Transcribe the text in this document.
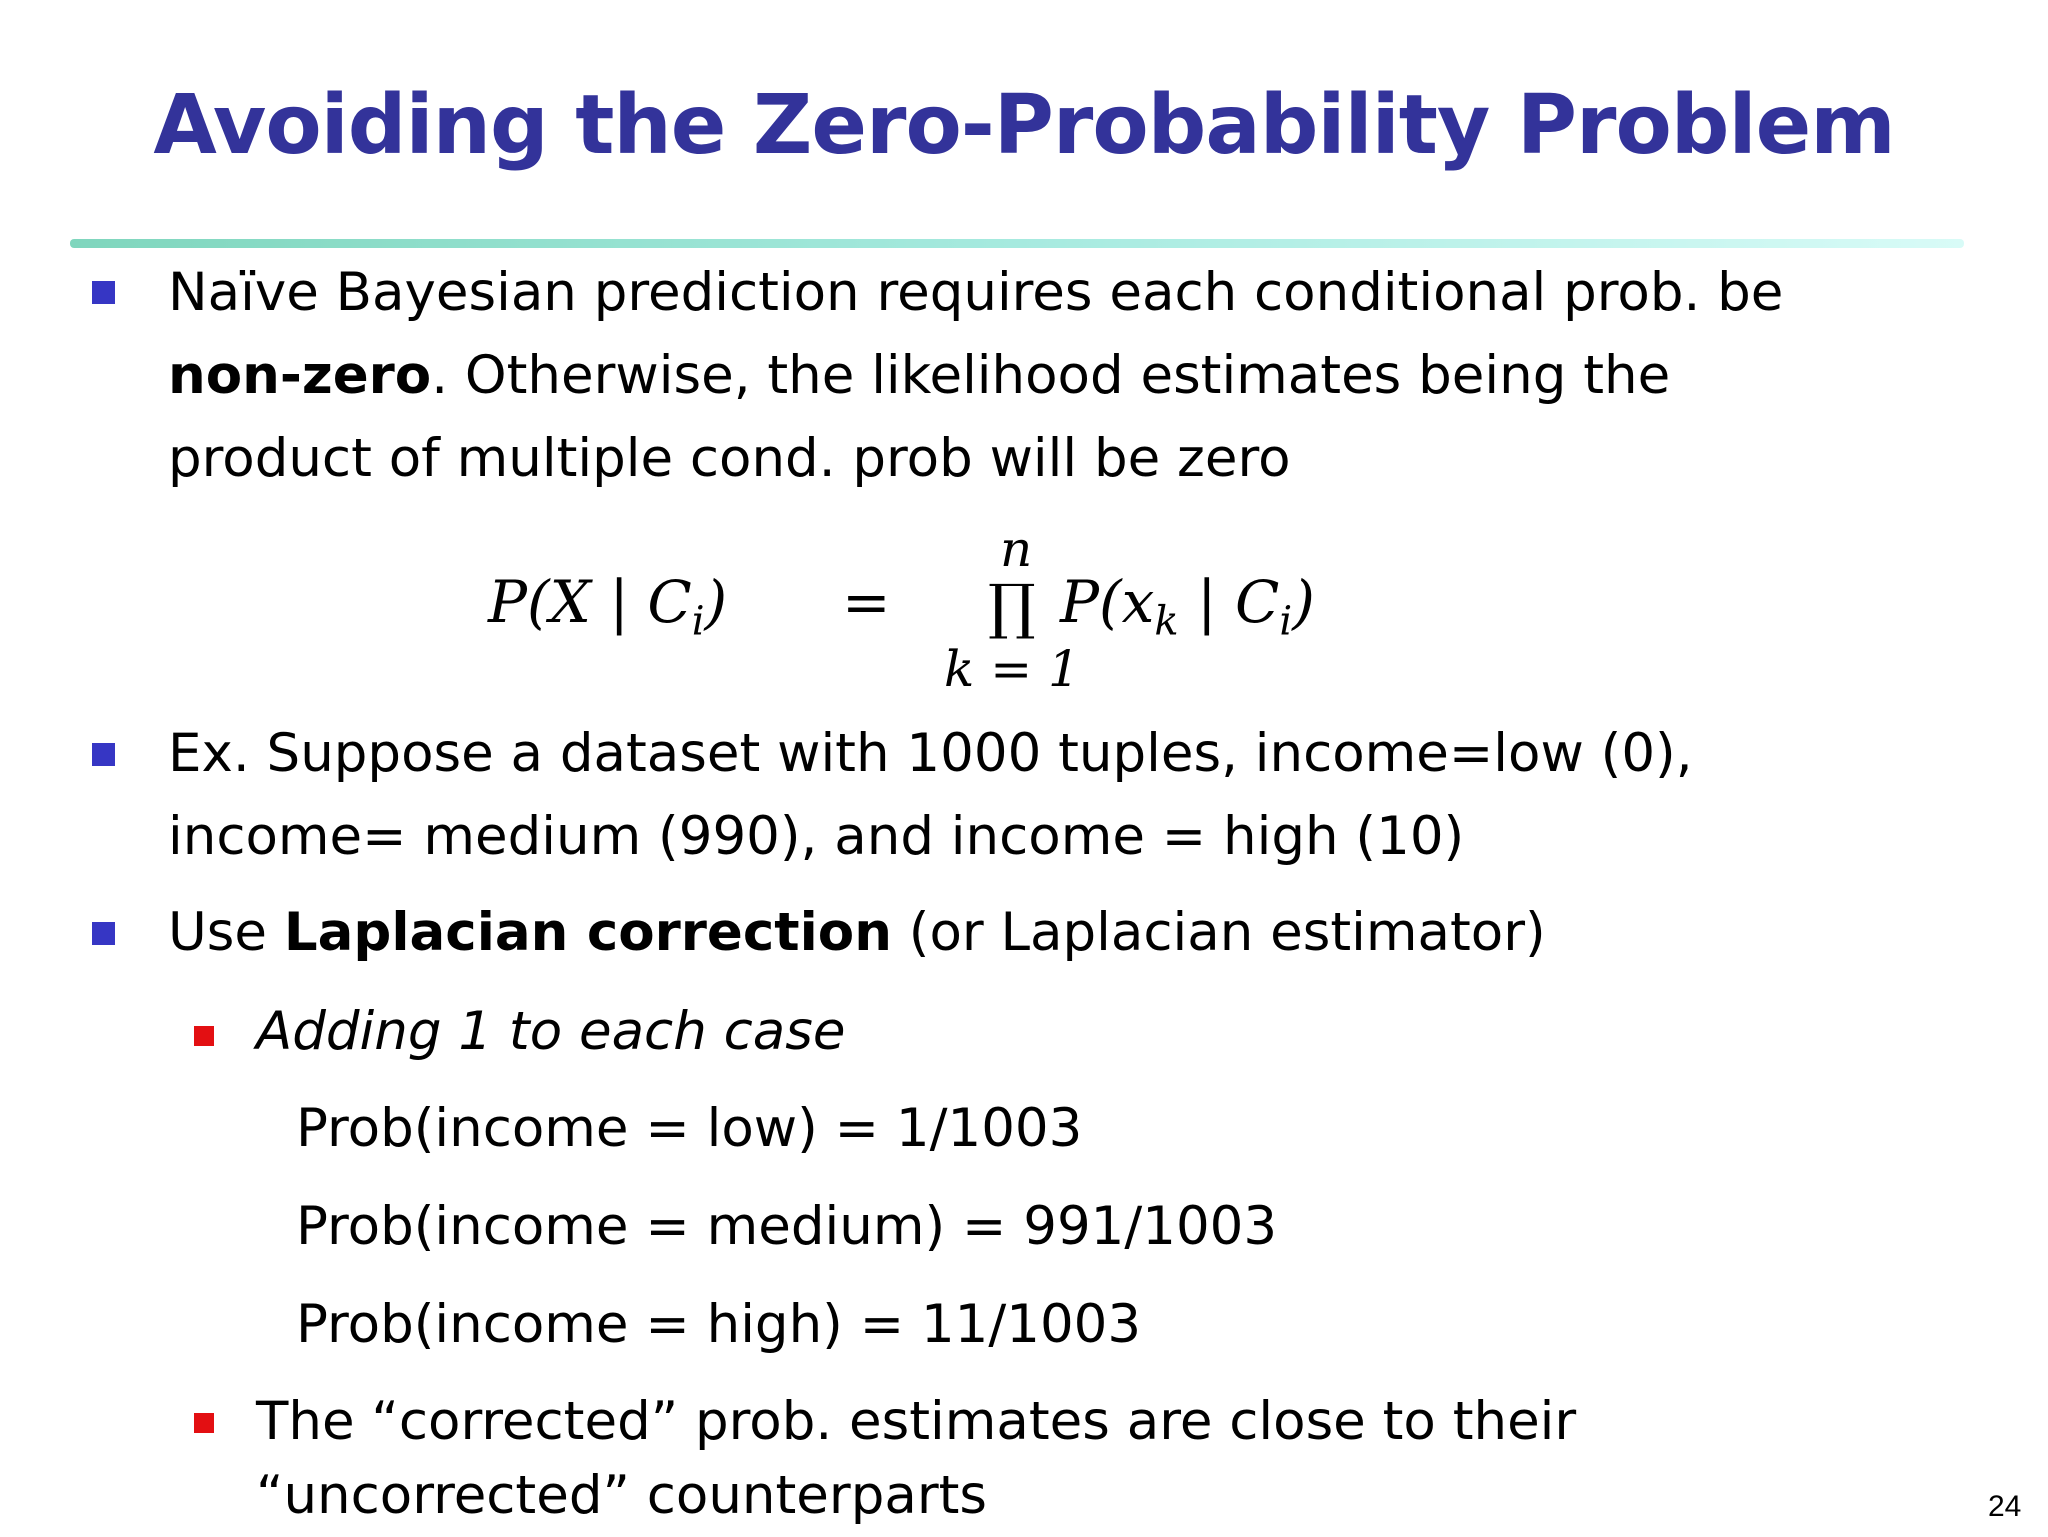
Avoiding the Zero-Probability Problem
Naïve Bayesian prediction requires each conditional prob. be
non-zero. Otherwise, the likelihood estimates being the
product of multiple cond. prob will be zero
P(X | $C_i$) =
n
∏
k = 1
$P(x_k$ | $C_i$)
Ex. Suppose a dataset with 1000 tuples, income=low (0),
income= medium (990), and income = high (10)
Use Laplacian correction (or Laplacian estimator)
Adding 1 to each case
Prob(income = low) = 1/1003
Prob(income = medium) = 991/1003
Prob(income = high) = 11/1003
The “corrected” prob. estimates are close to their
“uncorrected” counterparts	24
